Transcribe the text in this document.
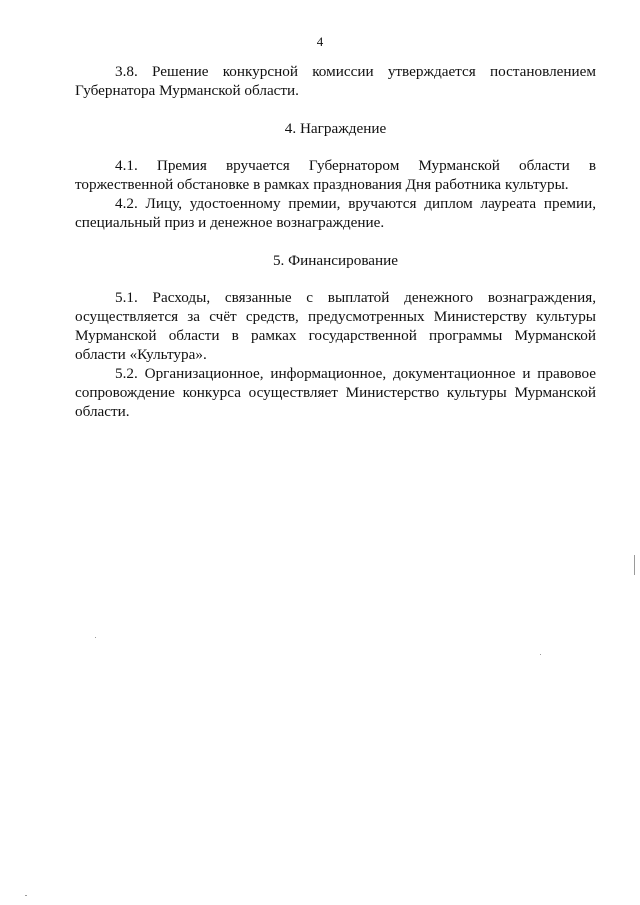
4

3.8. Решение конкурсной комиссии утверждается постановлением Губернатора Мурманской области.

4. Награждение

4.1. Премия вручается Губернатором Мурманской области в торжественной обстановке в рамках празднования Дня работника культуры.

4.2. Лицу, удостоенному премии, вручаются диплом лауреата премии, специальный приз и денежное вознаграждение.

5. Финансирование

5.1. Расходы, связанные с выплатой денежного вознаграждения, осуществляется за счёт средств, предусмотренных Министерству культуры Мурманской области в рамках государственной программы Мурманской области «Культура».

5.2. Организационное, информационное, документационное и правовое сопровождение конкурса осуществляет Министерство культуры Мурманской области.
